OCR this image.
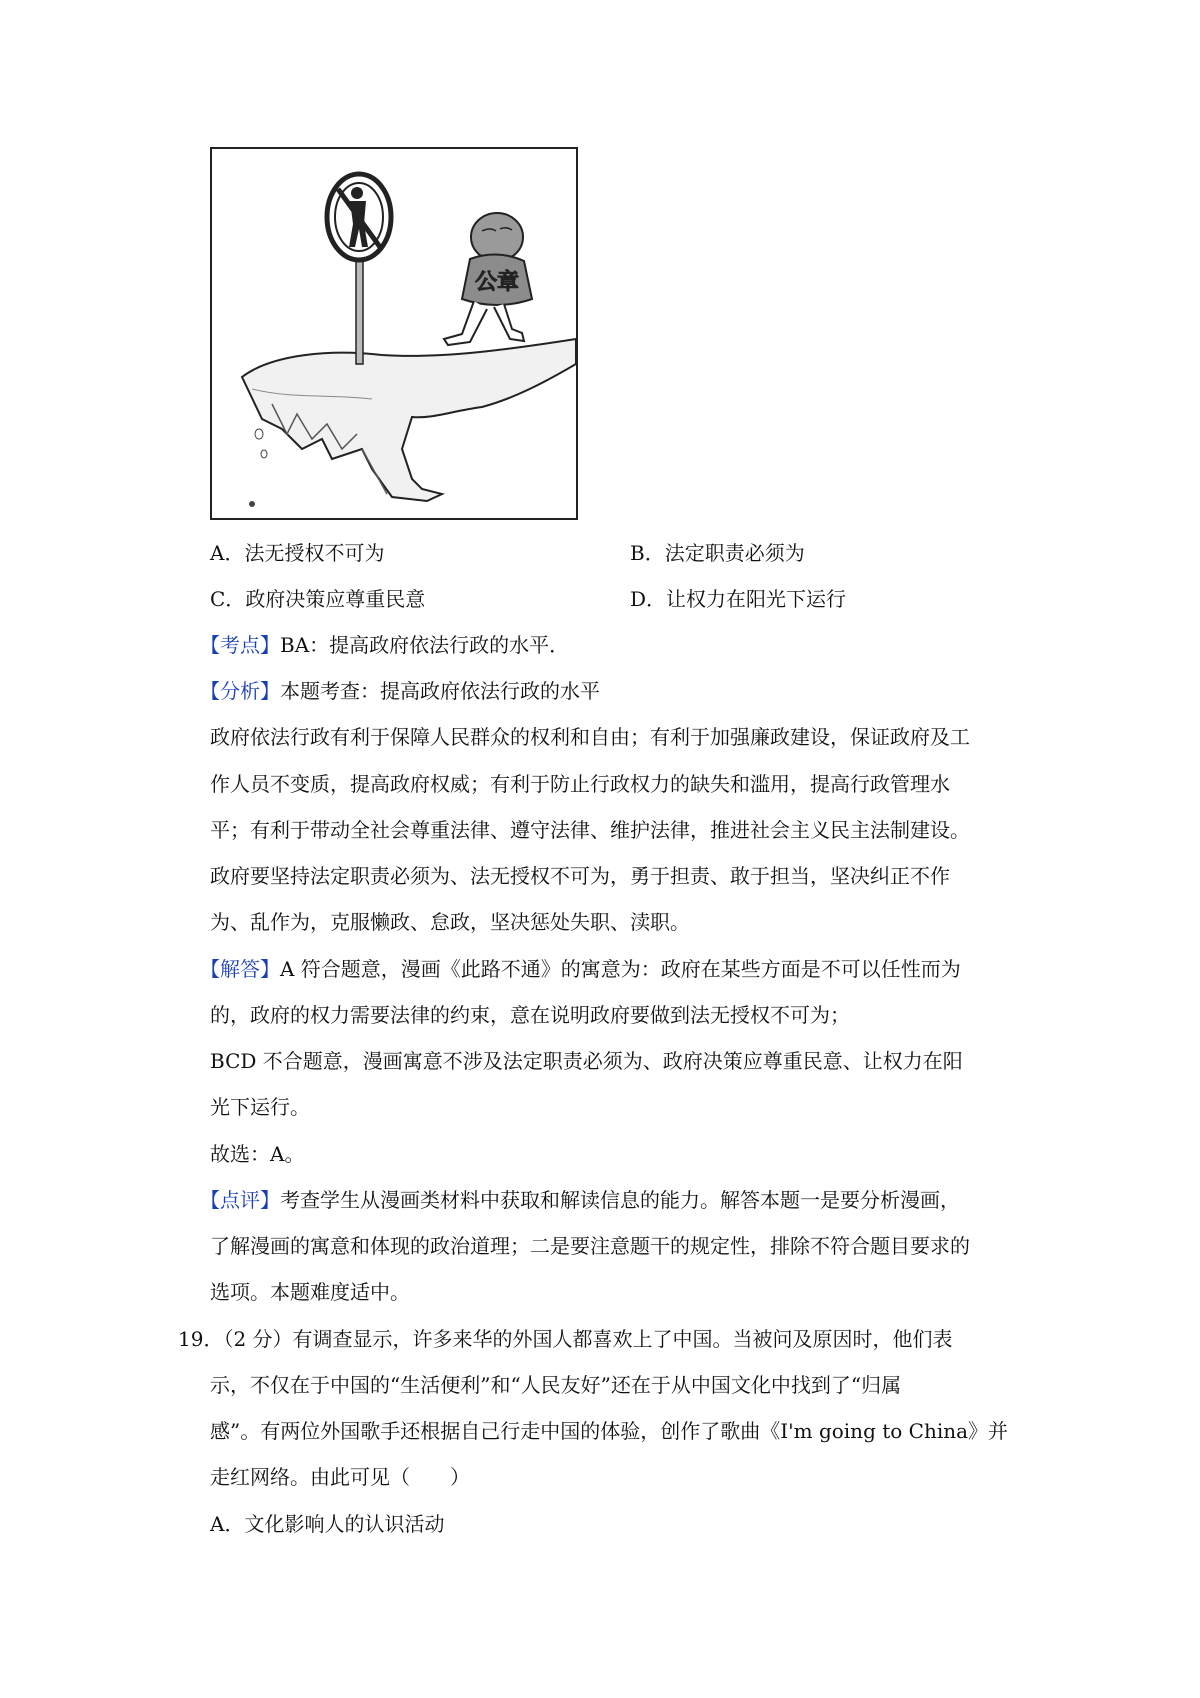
公章
A．法无授权不可为	B．法定职责必须为
C．政府决策应尊重民意	D．让权力在阳光下运行
【考点】BA：提高政府依法行政的水平．
【分析】本题考查：提高政府依法行政的水平
政府依法行政有利于保障人民群众的权利和自由；有利于加强廉政建设，保证政府及工
作人员不变质，提高政府权威；有利于防止行政权力的缺失和滥用，提高行政管理水
平；有利于带动全社会尊重法律、遵守法律、维护法律，推进社会主义民主法制建设。
政府要坚持法定职责必须为、法无授权不可为，勇于担责、敢于担当，坚决纠正不作
为、乱作为，克服懒政、怠政，坚决惩处失职、渎职。
【解答】A 符合题意，漫画《此路不通》的寓意为：政府在某些方面是不可以任性而为
的，政府的权力需要法律的约束，意在说明政府要做到法无授权不可为；
BCD 不合题意，漫画寓意不涉及法定职责必须为、政府决策应尊重民意、让权力在阳
光下运行。
故选：A。
【点评】考查学生从漫画类材料中获取和解读信息的能力。解答本题一是要分析漫画，
了解漫画的寓意和体现的政治道理；二是要注意题干的规定性，排除不符合题目要求的
选项。本题难度适中。
19．（2 分）有调查显示，许多来华的外国人都喜欢上了中国。当被问及原因时，他们表
示，不仅在于中国的“生活便利”和“人民友好”还在于从中国文化中找到了“归属
感”。有两位外国歌手还根据自己行走中国的体验，创作了歌曲《I'm going to China》并
走红网络。由此可见（　　）
A．文化影响人的认识活动
